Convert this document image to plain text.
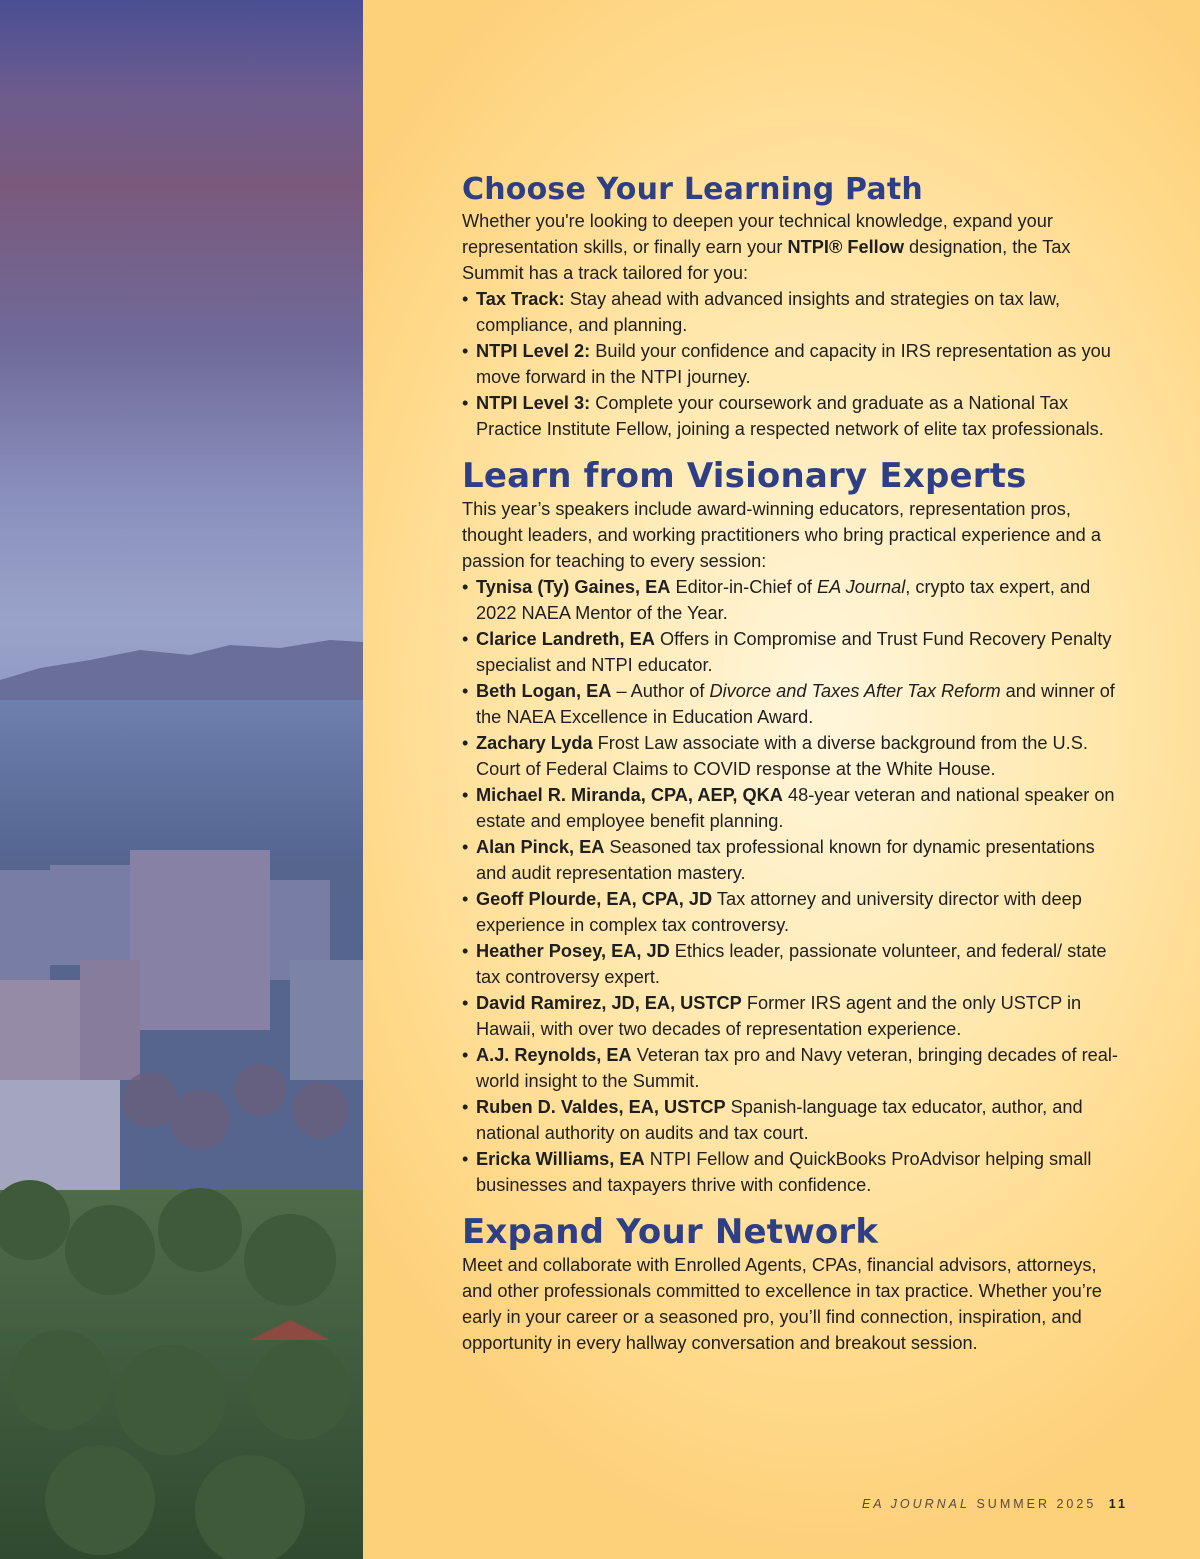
Choose Your Learning Path

Whether you're looking to deepen your technical knowledge, expand your representation skills, or finally earn your NTPI® Fellow designation, the Tax Summit has a track tailored for you:

• Tax Track: Stay ahead with advanced insights and strategies on tax law, compliance, and planning.
• NTPI Level 2: Build your confidence and capacity in IRS representation as you move forward in the NTPI journey.
• NTPI Level 3: Complete your coursework and graduate as a National Tax Practice Institute Fellow, joining a respected network of elite tax professionals.
Learn from Visionary Experts

This year’s speakers include award-winning educators, representation pros, thought leaders, and working practitioners who bring practical experience and a passion for teaching to every session:

• Tynisa (Ty) Gaines, EA Editor-in-Chief of EA Journal, crypto tax expert, and 2022 NAEA Mentor of the Year.
• Clarice Landreth, EA Offers in Compromise and Trust Fund Recovery Penalty specialist and NTPI educator.
• Beth Logan, EA – Author of Divorce and Taxes After Tax Reform and winner of the NAEA Excellence in Education Award.
• Zachary Lyda Frost Law associate with a diverse background from the U.S. Court of Federal Claims to COVID response at the White House.
• Michael R. Miranda, CPA, AEP, QKA 48-year veteran and national speaker on estate and employee benefit planning.
• Alan Pinck, EA Seasoned tax professional known for dynamic presentations and audit representation mastery.
• Geoff Plourde, EA, CPA, JD Tax attorney and university director with deep experience in complex tax controversy.
• Heather Posey, EA, JD Ethics leader, passionate volunteer, and federal/ state tax controversy expert.
• David Ramirez, JD, EA, USTCP Former IRS agent and the only USTCP in Hawaii, with over two decades of representation experience.
• A.J. Reynolds, EA Veteran tax pro and Navy veteran, bringing decades of real-world insight to the Summit.
• Ruben D. Valdes, EA, USTCP Spanish-language tax educator, author, and national authority on audits and tax court.
• Ericka Williams, EA NTPI Fellow and QuickBooks ProAdvisor helping small businesses and taxpayers thrive with confidence.
Expand Your Network

Meet and collaborate with Enrolled Agents, CPAs, financial advisors, attorneys, and other professionals committed to excellence in tax practice. Whether you’re early in your career or a seasoned pro, you’ll find connection, inspiration, and opportunity in every hallway conversation and breakout session.

EA JOURNAL SUMMER 2025 11
